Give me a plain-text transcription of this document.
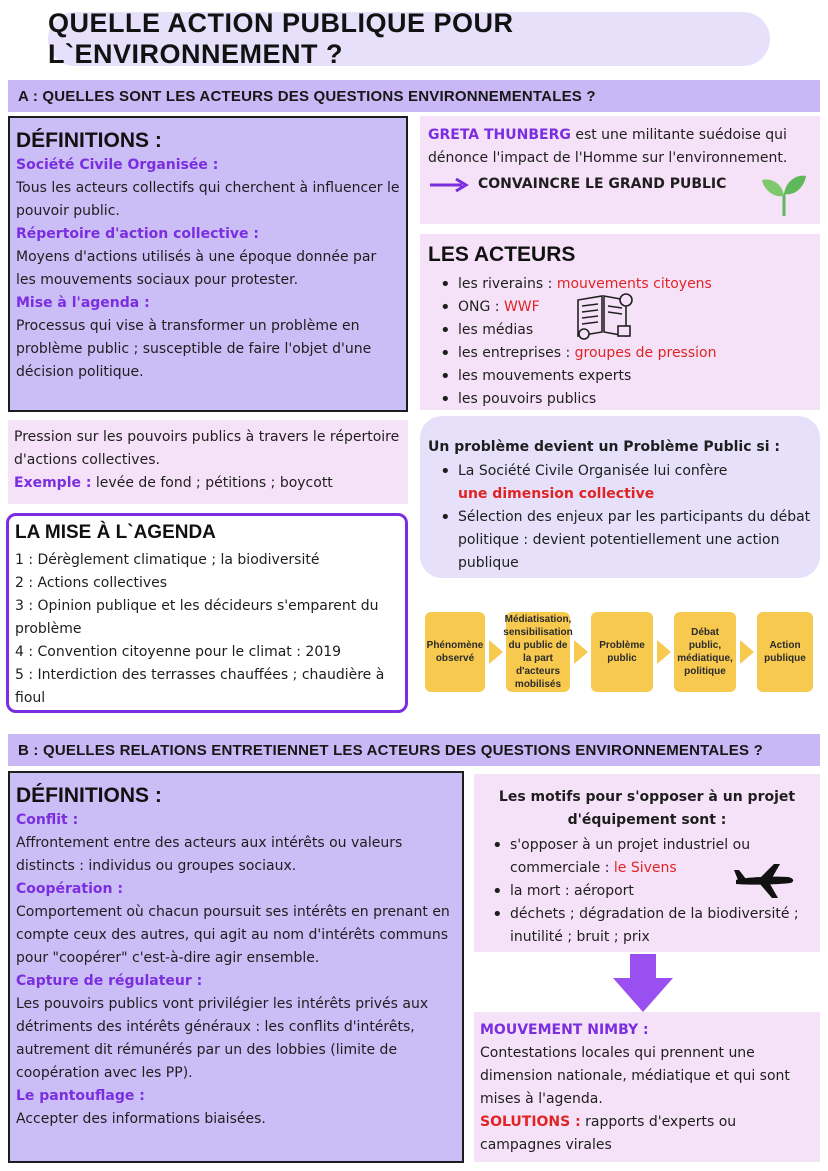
QUELLE ACTION PUBLIQUE POUR L`ENVIRONNEMENT ?
A : QUELLES SONT LES ACTEURS DES QUESTIONS ENVIRONNEMENTALES ?
DÉFINITIONS :
Société Civile Organisée :
Tous les acteurs collectifs qui cherchent à influencer le pouvoir public.
Répertoire d'action collective :
Moyens d'actions utilisés à une époque donnée par les mouvements sociaux pour protester.
Mise à l'agenda :
Processus qui vise à transformer un problème en problème public ; susceptible de faire l'objet d'une décision politique.
GRETA THUNBERG est une militante suédoise qui dénonce l'impact de l'Homme sur l'environnement.
CONVAINCRE LE GRAND PUBLIC
LES ACTEURS
• les riverains : mouvements citoyens
• ONG : WWF
• les médias
• les entreprises : groupes de pression
• les mouvements experts
• les pouvoirs publics
Pression sur les pouvoirs publics à travers le répertoire d'actions collectives.
Exemple : levée de fond ; pétitions ; boycott
Un problème devient un Problème Public si :
• La Société Civile Organisée lui confère
une dimension collective
• Sélection des enjeux par les participants du débat politique : devient potentiellement une action publique
LA MISE À L`AGENDA
1 : Dérèglement climatique ; la biodiversité
2 : Actions collectives
3 : Opinion publique et les décideurs s'emparent du problème
4 : Convention citoyenne pour le climat : 2019
5 : Interdiction des terrasses chauffées ; chaudière à fioul
Phénomène observé
Médiatisation, sensibilisation du public de la part d'acteurs mobilisés
Problème public
Débat public, médiatique, politique
Action publique
B : QUELLES RELATIONS ENTRETIENNET LES ACTEURS DES QUESTIONS ENVIRONNEMENTALES ?
DÉFINITIONS :
Conflit :
Affrontement entre des acteurs aux intérêts ou valeurs distincts : individus ou groupes sociaux.
Coopération :
Comportement où chacun poursuit ses intérêts en prenant en compte ceux des autres, qui agit au nom d'intérêts communs pour "coopérer" c'est-à-dire agir ensemble.
Capture de régulateur :
Les pouvoirs publics vont privilégier les intérêts privés aux détriments des intérêts généraux : les conflits d'intérêts, autrement dit rémunérés par un des lobbies (limite de coopération avec les PP).
Le pantouflage :
Accepter des informations biaisées.
Les motifs pour s'opposer à un projet d'équipement sont :
• s'opposer à un projet industriel ou commerciale : le Sivens
• la mort : aéroport
• déchets ; dégradation de la biodiversité ; inutilité ; bruit ; prix
MOUVEMENT NIMBY :
Contestations locales qui prennent une dimension nationale, médiatique et qui sont mises à l'agenda.
SOLUTIONS : rapports d'experts ou campagnes virales
